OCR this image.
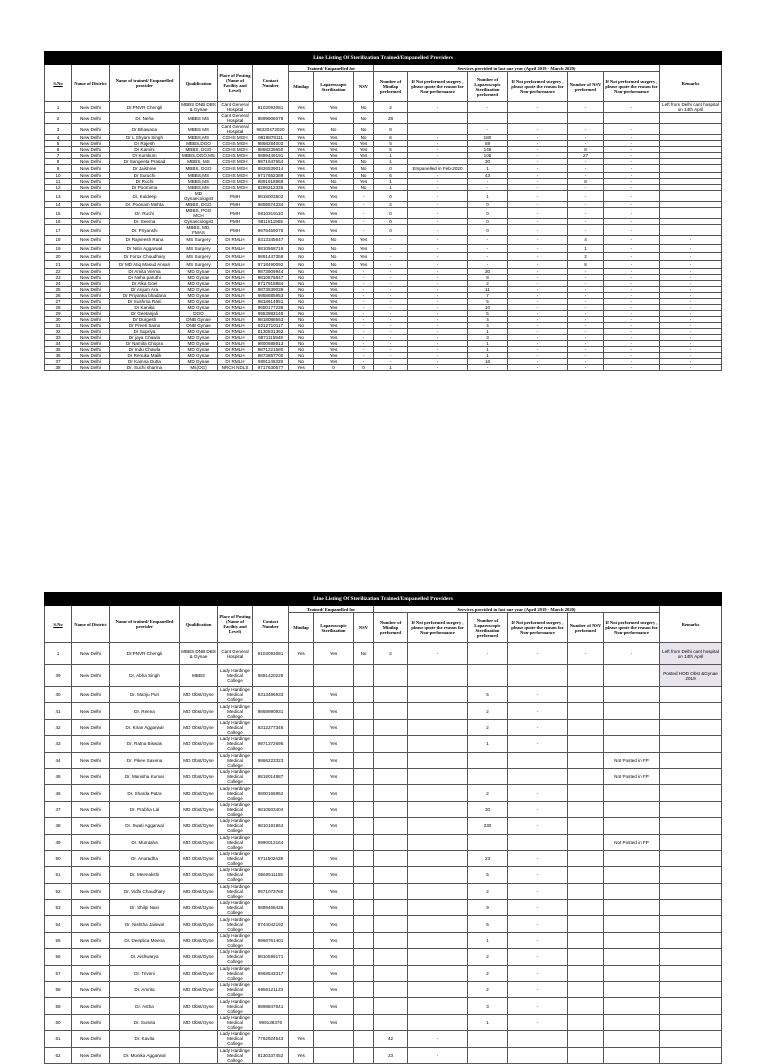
Line Listing Of Sterilization Trained/Empanelled Providers															
S.No	Name of District	Name of trained/ Empanelled provider	Qualification	Place of Posting (Name of Facility and Level)	Contact Number	Trained/ Empanelled for			Services provided in last one year (April 2019 - March 2020)						Remarks
						Minilap	Laparoscopic Sterilization	NSV	Number of Minilap performed	If Not performed surgery , please quote the reason for Non-performance	Number of Laparoscopic Sterilization performed	If Not performed surgery , please quote the reason for Non-performance	Number of NSV performed	If Not performed surgery , please quote the reason for Non-performance	
1	New Delhi	Dr.PNVR Chengli	MBBS DNB DBS & Gynae	Cant General Hospital	9103093081	Yes	Yes	No	2	-	-	-	-	-	Left from Delhi cant hospital on 14th April
2	New Delhi	Dr. Neha	MBBS MS	Cant General Hospital	9899906078	Yes	Yes	No	28						
3	New Delhi	Dr.Bhawana	MBBS MS	Cant General Hospital	96320472020	Yes	No	No	8		-	-	-	-	
4	New Delhi	Dr L Shyam Singh	MBBS,MS	CGHS MGH	9818879111	Yes	Yes	No	6	-	180	-	-	-	
5	New Delhi	Dr Rajesh	MBBS,DGO	CGHS MGH	9868284003	Yes	Yes	Yes	5	-	59	-	-	-	
6	New Delhi	Dr Kamini	MBBS, DGO	CGHS MGH	9868239650	Yes	Yes	Yes	5	-	149	-	8	-	
7	New Delhi	Dr Kumkum	MBBS,DGO,MS	CGHS MGH	9899449191	Yes	Yes	Yes	1	-	105	-	27	-	
8	New Delhi	Dr Sangeeta Prasad	MBBS, MS	CGHS MGH	9871647654	Yes	Yes	No	1	-	30	-	-	-	
9	New Delhi	Dr Jaishree	MBBS, DGO	CGHS MGH	8826539014	Yes	Yes	No	0	Empanelled in Feb-2020	1	-	-	-	
10	New Delhi	Dr Suruchi	MBBS,MS	CGHS MGH	9717652389	Yes	Yes	No	6	-	43	-	-	-	
11	New Delhi	Dr Ruchi	MBBS,MS	CGHS MGH	9891918969	Yes	No	Yes	1	-	-	-	8	-	
12	New Delhi	Dr Poornima	MBBS,MS	CGHS MGH	8285312335	Yes	Yes	No	1	-	-	-	-	-	
13	New Delhi	Dr. Kuldeep	MD Gynaecologist	PMH	9818003502	Yes	Yes	-	0	-	1	-	-	-	
14	New Delhi	Dr. Poonam Mehta	MBBS, DGO	PMH	9899574234	Yes	Yes	-	2	-	0	-	-	-	
15	New Delhi	Dr. Ruchi	MBBS, PGO MCH	PMH	9810319110	Yes	Yes	-	0	-	0	-	-	-	
16	New Delhi	Dr. Seema	Gynaecologist	PMH	9811811955	Yes	Yes	-	0	-	0	-	-	-	
17	New Delhi	Dr. Priyanshi	MBBS, MD, FMAS	PMH	9975459076	Yes	Yes	-	0	-	0	-	-	-	
18	New Delhi	Dr Rajneesh Rana	MS Surgery	Dr RMLH	9313345647	No	No	Yes	-	-	-	-	4	-	-
19	New Delhi	Dr Nitin Aggarwal	MS Surgery	Dr RMLH	9810568719	No	No	Yes	-	-	-	-	1	-	-
20	New Delhi	Dr Forox Choudhary	MS Surgery	Dr RMLH	9891447358	No	No	Yes	-	-	-	-	2	-	-
21	New Delhi	Dr MD Atiq Masud Ansari	MS Surgery	Dr RMLH	9718490092	No	No	Yes	-	-	-	-	8	-	-
22	New Delhi	Dr Amita Verma	MD Gynae	Dr RMLH	9873909944	No	Yes	-	-	-	30	-	-	-	-
23	New Delhi	Dr Neha paruthi	MD Gynae	Dr RMLH	9810876847	No	Yes	-	-	-	8	-	-	-	-
24	New Delhi	Dr Alka Goel	MD Gynae	Dr RMLH	9717918884	No	Yes	-	-	-	2	-	-	-	-
25	New Delhi	Dr Anjum Ara	MD Gynae	Dr RMLH	9873539039	No	Yes	-	-	-	11	-	-	-	-
26	New Delhi	Dr Priyanka bhadana	MD Gynae	Dr RMLH	9958685953	No	Yes	-	-	-	7	-	-	-	-
27	New Delhi	Dr Sushma Rani	MD Gynae	Dr RMLH	9818614951	No	Yes	-	-	-	5	-	-	-	-
28	New Delhi	Dr Kanika	MD Gynae	Dr RMLH	9650177238	No	Yes	-	-	-	10	-	-	-	-
29	New Delhi	Dr Geetanjali	DGO	Dr RMLH	9953883148	No	Yes	-	-	-	5	-	-	-	-
30	New Delhi	Dr Durgesh	DNB Gynae	Dr RMLH	9818088563	No	Yes	-	-	-	4	-	-	-	-
31	New Delhi	Dr Preeti Saina	DNB Gynae	Dr RMLH	9212710117	No	Yes	-	-	-	4	-	-	-	-
32	New Delhi	Dr Supriya	MD Gynae	Dr RMLH	8130831362	No	Yes	-	-	-	1	-	-	-	-
33	New Delhi	Dr jaya Chawla	MD Gynae	Dr RMLH	9871115949	No	Yes	-	-	-	3	-	-	-	-
34	New Delhi	Dr Namita Chopra	MD Gynae	Dr RMLH	9800688813	No	Yes	-	-	-	1	-	-	-	-
35	New Delhi	Dr Indu Chawla	MD Gynae	Dr RMLH	9871221580	No	Yes	-	-	-	1	-	-	-	-
36	New Delhi	Dr Renuka Malik	MD Gynae	Dr RMLH	9873867700	No	Yes	-	-	-	1	-	-	-	-
37	New Delhi	Dr Kamna Dutta	MD Gynae	Dr RMLH	9891145329	No	Yes	-	-	-	16	-	-	-	-
38	New Delhi	Dr. Suchi sharma	Ms(OG)	NRCH NDLS	9717630577	Yes	0	0	1	-	-	-	-	-	-
Line Listing Of Sterilization Trained/Empanelled Providers															
S.No	Name of District	Name of trained/ Empanelled provider	Qualification	Place of Posting (Name of Facility and Level)	Contact Number	Trained/ Empanelled for			Services provided in last one year (April 2019 - March 2020)						Remarks
						Minilap	Laparoscopic Sterilization	NSV	Number of Minilap performed	If Not performed surgery , please quote the reason for Non-performance	Number of Laparoscopic Sterilization performed	If Not performed surgery , please quote the reason for Non-performance	Number of NSV performed	If Not performed surgery , please quote the reason for Non-performance	
1	New Delhi	Dr.PNVR Chengli	MBBS DNB DBS & Gynae	Cant General Hospital	9103093081	Yes	Yes	No	2	-	-	-	-	-	Left from Delhi cant hospital on 14th April
39	New Delhi	Dr. Abha Singh	MBBS	Lady Hardinge Medical College	9891420228										Posted HOD Obst &Gynae 2019
40	New Delhi	Dr. Manju Puri	MD Obst/Gyne	Lady Hardinge Medical College	9313496933		Yes				5	-			
41	New Delhi	Dr. Reena	MD Obst/Gyne	Lady Hardinge Medical College	9868990931		Yes				2	-			
42	New Delhi	Dr. Kiran Aggarwal	MD Obst/Gyne	Lady Hardinge Medical College	9312277346		Yes				2	-			
43	New Delhi	Dr. Ratna Biswas	MD Obst/Gyne	Lady Hardinge Medical College	9971372695		Yes				1	-			
44	New Delhi	Dr. Pikee Saxena	MD Obst/Gyne	Lady Hardinge Medical College	9868223323		Yes							Not Posted in FP	
45	New Delhi	Dr. Manisha Kumar	MD Obst/Gyne	Lady Hardinge Medical College	9818014887		Yes							Not Posted in FP	
46	New Delhi	Dr. Sharda Patra	MD Obst/Gyne	Lady Hardinge Medical College	9800166952		Yes				2	-			
47	New Delhi	Dr. Prabha Lal	MD Obst/Gyne	Lady Hardinge Medical College	9810503404		Yes				30	-			
48	New Delhi	Dr. Swati Aggarwal	MD Obst/Gyne	Lady Hardinge Medical College	9810181964		Yes				230	-			
49	New Delhi	Dr. Mumtaha	MD Obst/Gyne	Lady Hardinge Medical College	9990013164									Not Posted in FP	
50	New Delhi	Dr. Anuradha	MD Obst/Gyne	Lady Hardinge Medical College	9711502439		Yes				23	-			
51	New Delhi	Dr. Meenakshi	MD Obst/Gyne	Lady Hardinge Medical College	9560511155		Yes				5	-			
52	New Delhi	Dr. Vidhi Chaudhary	MD Obst/Gyne	Lady Hardinge Medical College	9971073780		Yes				2	-			
53	New Delhi	Dr. Shilpi Nain	MD Obst/Gyne	Lady Hardinge Medical College	9899468435		Yes				9	-			
54	New Delhi	Dr. Nishtha Jaiswal	MD Obst/Gyne	Lady Hardinge Medical College	8744042192		Yes				5	-			
55	New Delhi	Dr. Deeplica Meena	MD Obst/Gyne	Lady Hardinge Medical College	9968761401		Yes				1	-			
56	New Delhi	Dr. Aishwarya	MD Obst/Gyne	Lady Hardinge Medical College	9810599171		Yes				2	-			
57	New Delhi	Dr. Triveni	MD Obst/Gyne	Lady Hardinge Medical College	9968543317		Yes				2	-			
58	New Delhi	Dr. Amrita	MD Obst/Gyne	Lady Hardinge Medical College	9958121123		Yes				2	-			
59	New Delhi	Dr. Astha	MD Obst/Gyne	Lady Hardinge Medical College	9899847641		Yes				3	-			
60	New Delhi	Dr. Sumita	MD Obst/Gyne	Lady Hardinge Medical College	999136376		Yes				1	-			
61	New Delhi	Dr. Kavita		Lady Hardinge Medical College	7782924543	Yes			42	-					
62	New Delhi	Dr. Monika Aggarwal		Lady Hardinge Medical College	8130337452	Yes			23	-					
